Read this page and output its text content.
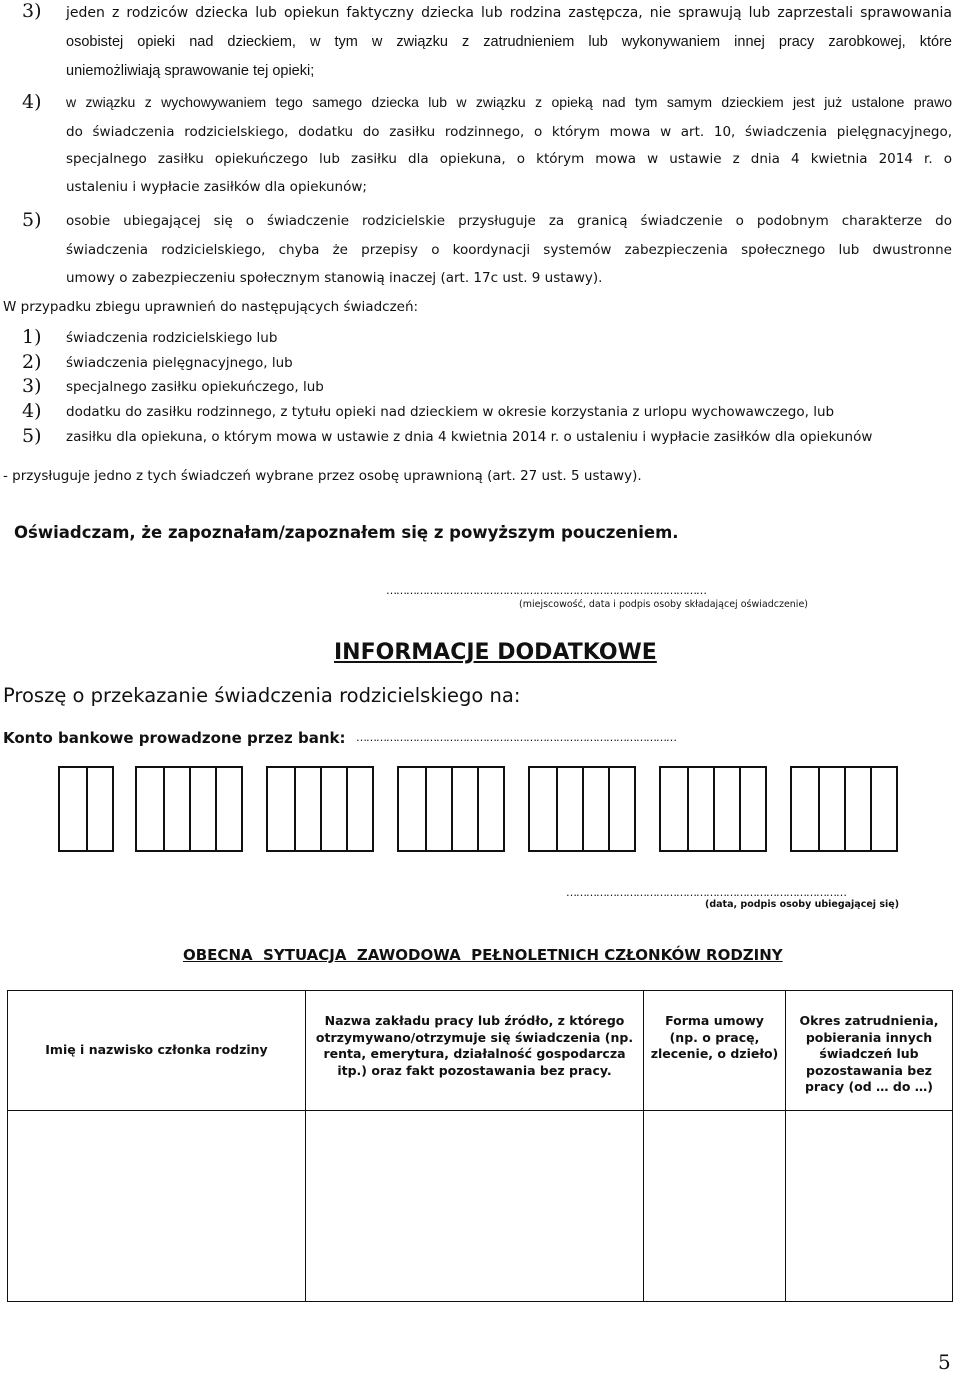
3) jeden z rodziców dziecka lub opiekun faktyczny dziecka lub rodzina zastępcza, nie sprawują lub zaprzestali sprawowania
osobistej opieki nad dzieckiem, w tym w związku z zatrudnieniem lub wykonywaniem innej pracy zarobkowej, które
uniemożliwiają sprawowanie tej opieki;
4) w związku z wychowywaniem tego samego dziecka lub w związku z opieką nad tym samym dzieckiem jest już ustalone prawo
do świadczenia rodzicielskiego, dodatku do zasiłku rodzinnego, o którym mowa w art. 10, świadczenia pielęgnacyjnego,
specjalnego zasiłku opiekuńczego lub zasiłku dla opiekuna, o którym mowa w ustawie z dnia 4 kwietnia 2014 r. o
ustaleniu i wypłacie zasiłków dla opiekunów;
5) osobie ubiegającej się o świadczenie rodzicielskie przysługuje za granicą świadczenie o podobnym charakterze do
świadczenia rodzicielskiego, chyba że przepisy o koordynacji systemów zabezpieczenia społecznego lub dwustronne
umowy o zabezpieczeniu społecznym stanowią inaczej (art. 17c ust. 9 ustawy).
W przypadku zbiegu uprawnień do następujących świadczeń:
1) świadczenia rodzicielskiego lub
2) świadczenia pielęgnacyjnego, lub
3) specjalnego zasiłku opiekuńczego, lub
4) dodatku do zasiłku rodzinnego, z tytułu opieki nad dzieckiem w okresie korzystania z urlopu wychowawczego, lub
5) zasiłku dla opiekuna, o którym mowa w ustawie z dnia 4 kwietnia 2014 r. o ustaleniu i wypłacie zasiłków dla opiekunów
- przysługuje jedno z tych świadczeń wybrane przez osobę uprawnioną (art. 27 ust. 5 ustawy).
Oświadczam, że zapoznałam/zapoznałem się z powyższym pouczeniem.
……………………………………………………………………………………
(miejscowość, data i podpis osoby składającej oświadczenie)
INFORMACJE DODATKOWE
Proszę o przekazanie świadczenia rodzicielskiego na:
Konto bankowe prowadzone przez bank: ……………………………………………………………………………………
…………………………………………………………………………
(data, podpis osoby ubiegającej się)
OBECNA  SYTUACJA  ZAWODOWA  PEŁNOLETNICH CZŁONKÓW RODZINY
Imię i nazwisko członka rodziny	Nazwa zakładu pracy lub źródło, z którego otrzymywano/otrzymuje się świadczenia (np. renta, emerytura, działalność gospodarcza itp.) oraz fakt pozostawania bez pracy.	Forma umowy (np. o pracę, zlecenie, o dzieło)	Okres zatrudnienia, pobierania innych świadczeń lub pozostawania bez pracy (od … do …)

5
